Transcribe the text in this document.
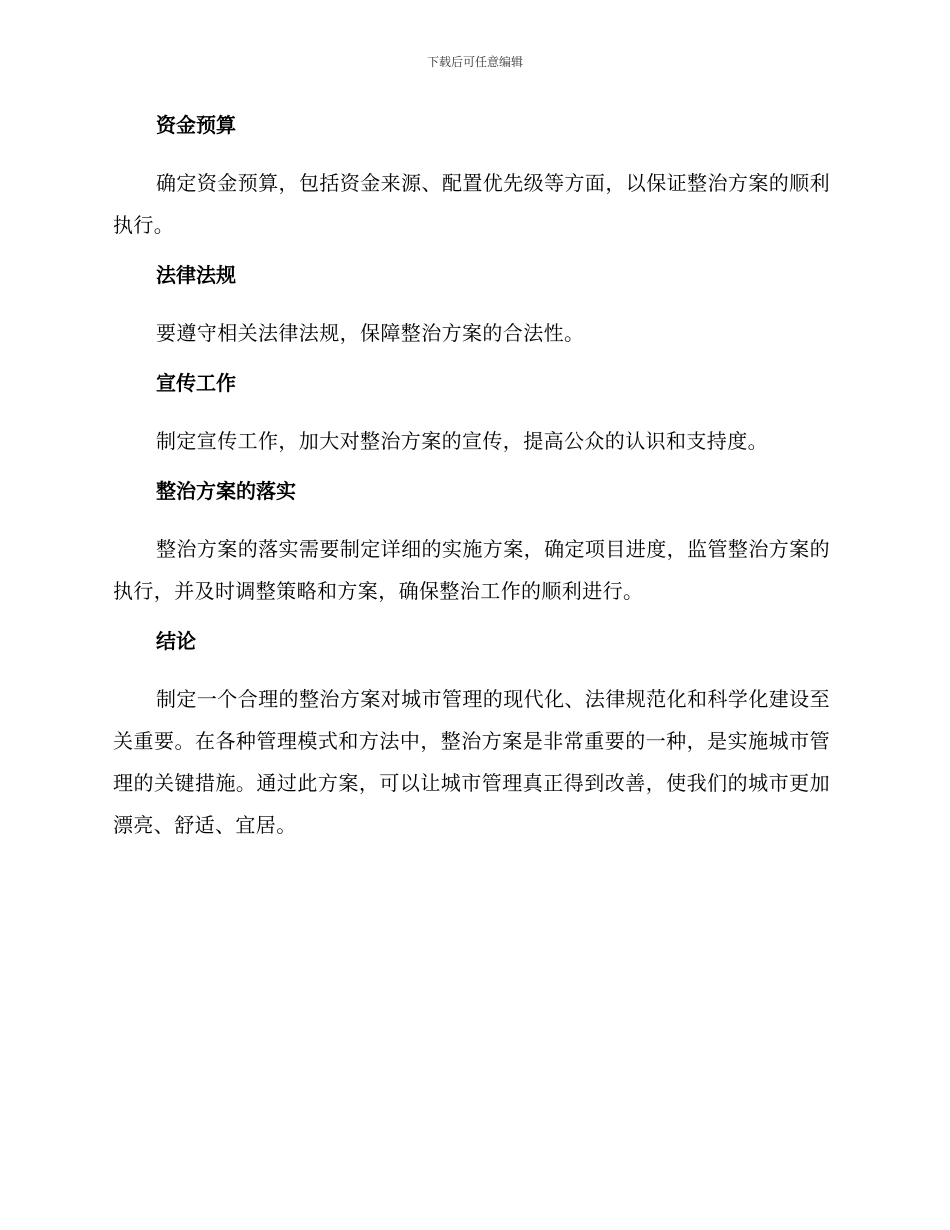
下载后可任意编辑
资金预算

确定资金预算，包括资金来源、配置优先级等方面，以保证整治方案的顺利执行。

法律法规

要遵守相关法律法规，保障整治方案的合法性。

宣传工作

制定宣传工作，加大对整治方案的宣传，提高公众的认识和支持度。

整治方案的落实

整治方案的落实需要制定详细的实施方案，确定项目进度，监管整治方案的执行，并及时调整策略和方案，确保整治工作的顺利进行。

结论

制定一个合理的整治方案对城市管理的现代化、法律规范化和科学化建设至关重要。在各种管理模式和方法中，整治方案是非常重要的一种，是实施城市管理的关键措施。通过此方案，可以让城市管理真正得到改善，使我们的城市更加漂亮、舒适、宜居。
